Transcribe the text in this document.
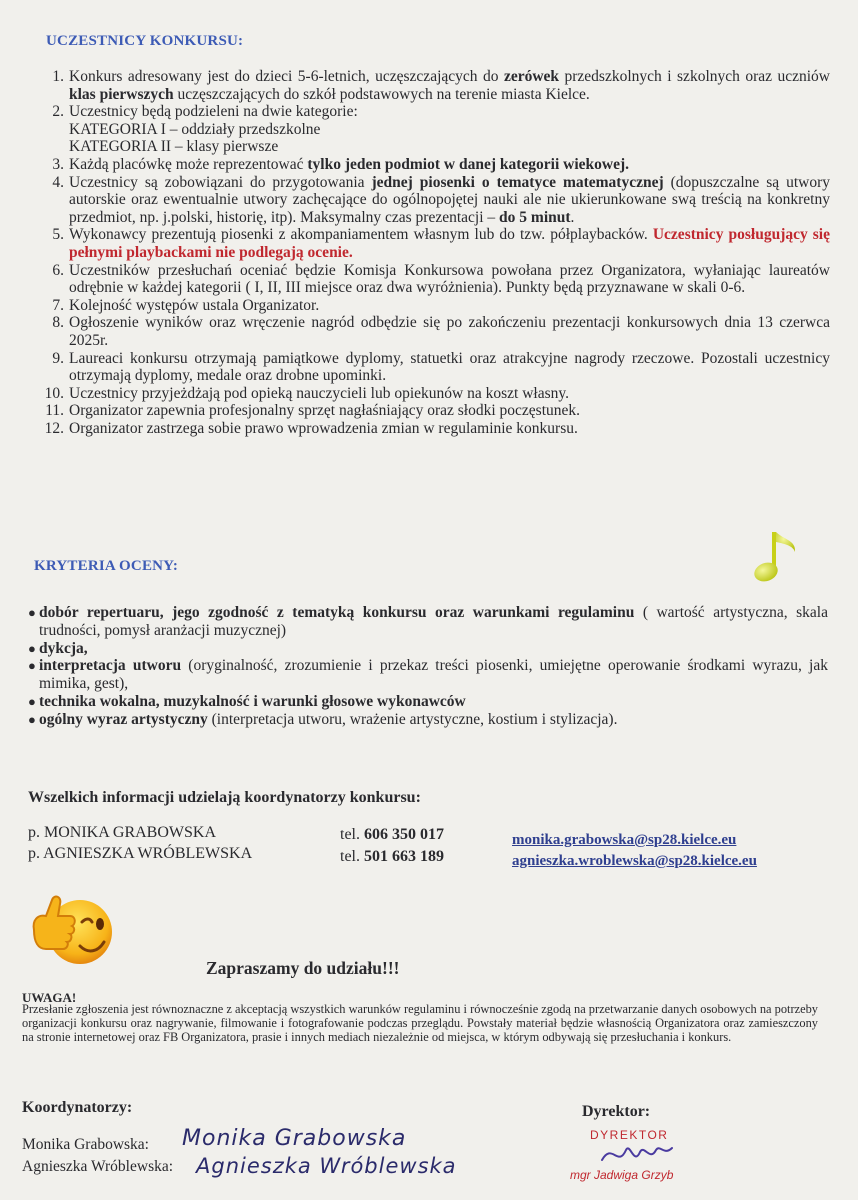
UCZESTNICY KONKURSU:
1. Konkurs adresowany jest do dzieci 5-6-letnich, uczęszczających do zerówek przedszkolnych i szkolnych oraz uczniów klas pierwszych uczęszczających do szkół podstawowych na terenie miasta Kielce.
2. Uczestnicy będą podzieleni na dwie kategorie:
KATEGORIA I – oddziały przedszkolne
KATEGORIA II – klasy pierwsze
3. Każdą placówkę może reprezentować tylko jeden podmiot w danej kategorii wiekowej.
4. Uczestnicy są zobowiązani do przygotowania jednej piosenki o tematyce matematycznej (dopuszczalne są utwory autorskie oraz ewentualnie utwory zachęcające do ogólnopojętej nauki ale nie ukierunkowane swą treścią na konkretny przedmiot, np. j.polski, historię, itp). Maksymalny czas prezentacji – do 5 minut.
5. Wykonawcy prezentują piosenki z akompaniamentem własnym lub do tzw. półplaybacków. Uczestnicy posługujący się pełnymi playbackami nie podlegają ocenie.
6. Uczestników przesłuchań oceniać będzie Komisja Konkursowa powołana przez Organizatora, wyłaniając laureatów odrębnie w każdej kategorii ( I, II, III miejsce oraz dwa wyróżnienia). Punkty będą przyznawane w skali 0-6.
7. Kolejność występów ustala Organizator.
8. Ogłoszenie wyników oraz wręczenie nagród odbędzie się po zakończeniu prezentacji konkursowych dnia 13 czerwca 2025r.
9. Laureaci konkursu otrzymają pamiątkowe dyplomy, statuetki oraz atrakcyjne nagrody rzeczowe. Pozostali uczestnicy otrzymają dyplomy, medale oraz drobne upominki.
10. Uczestnicy przyjeżdżają pod opieką nauczycieli lub opiekunów na koszt własny.
11. Organizator zapewnia profesjonalny sprzęt nagłaśniający oraz słodki poczęstunek.
12. Organizator zastrzega sobie prawo wprowadzenia zmian w regulaminie konkursu.
KRYTERIA OCENY:
● dobór repertuaru, jego zgodność z tematyką konkursu oraz warunkami regulaminu ( wartość artystyczna, skala trudności, pomysł aranżacji muzycznej)
● dykcja,
● interpretacja utworu (oryginalność, zrozumienie i przekaz treści piosenki, umiejętne operowanie środkami wyrazu, jak mimika, gest),
● technika wokalna, muzykalność i warunki głosowe wykonawców
● ogólny wyraz artystyczny (interpretacja utworu, wrażenie artystyczne, kostium i stylizacja).
Wszelkich informacji udzielają koordynatorzy konkursu:
p. MONIKA GRABOWSKA	tel. 606 350 017	monika.grabowska@sp28.kielce.eu
p. AGNIESZKA WRÓBLEWSKA	tel. 501 663 189	agnieszka.wroblewska@sp28.kielce.eu
Zapraszamy do udziału!!!
UWAGA!
Przesłanie zgłoszenia jest równoznaczne z akceptacją wszystkich warunków regulaminu i równocześnie zgodą na przetwarzanie danych osobowych na potrzeby organizacji konkursu oraz nagrywanie, filmowanie i fotografowanie podczas przeglądu. Powstały materiał będzie własnością Organizatora oraz zamieszczony na stronie internetowej oraz FB Organizatora, prasie i innych mediach niezależnie od miejsca, w którym odbywają się przesłuchania i konkurs.
Koordynatorzy:	Dyrektor:
Monika Grabowska: Monika Grabowska
Agnieszka Wróblewska: Agnieszka Wróblewska
DYREKTOR
mgr Jadwiga Grzyb
